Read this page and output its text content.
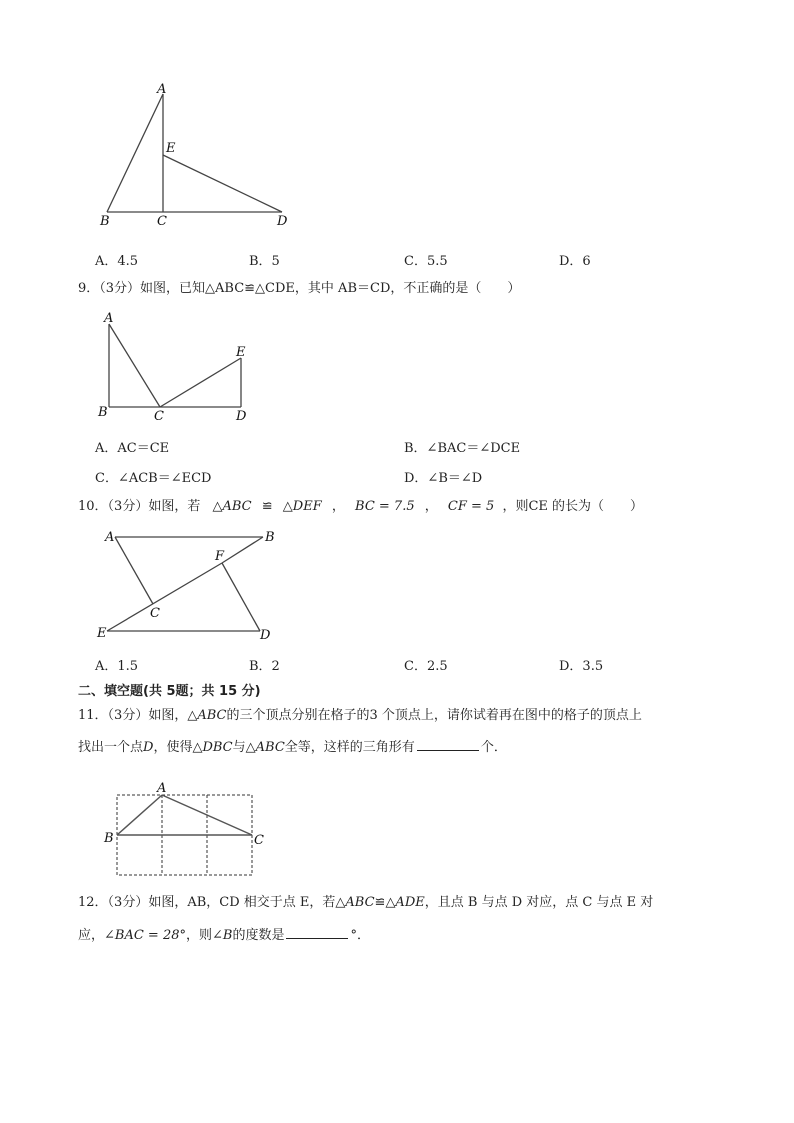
A
E
B	C	D
A．4.5	B．5	C．5.5	D．6
9．（3分）如图，已知△ABC≌△CDE，其中 AB＝CD，不正确的是（　　）
A
E
B	C	D
A．AC＝CE	B．∠BAC＝∠DCE
C．∠ACB＝∠ECD	D．∠B＝∠D
10．（3分）如图，若 △ABC ≌ △DEF ， BC = 7.5 ， CF = 5 ，则CE 的长为（　　）
A	B
F
C
E	D
A．1.5	B．2	C．2.5	D．3.5
二、填空题(共 5题；共 15 分)
11．（3分）如图，△ABC的三个顶点分别在格子的3 个顶点上，请你试着再在图中的格子的顶点上
找出一个点D，使得△DBC与△ABC全等，这样的三角形有	个．
A
B	C
12．（3分）如图，AB，CD 相交于点 E，若△ABC≌△ADE，且点 B 与点 D 对应，点 C 与点 E 对
应，∠BAC = 28°，则∠B的度数是	°．
